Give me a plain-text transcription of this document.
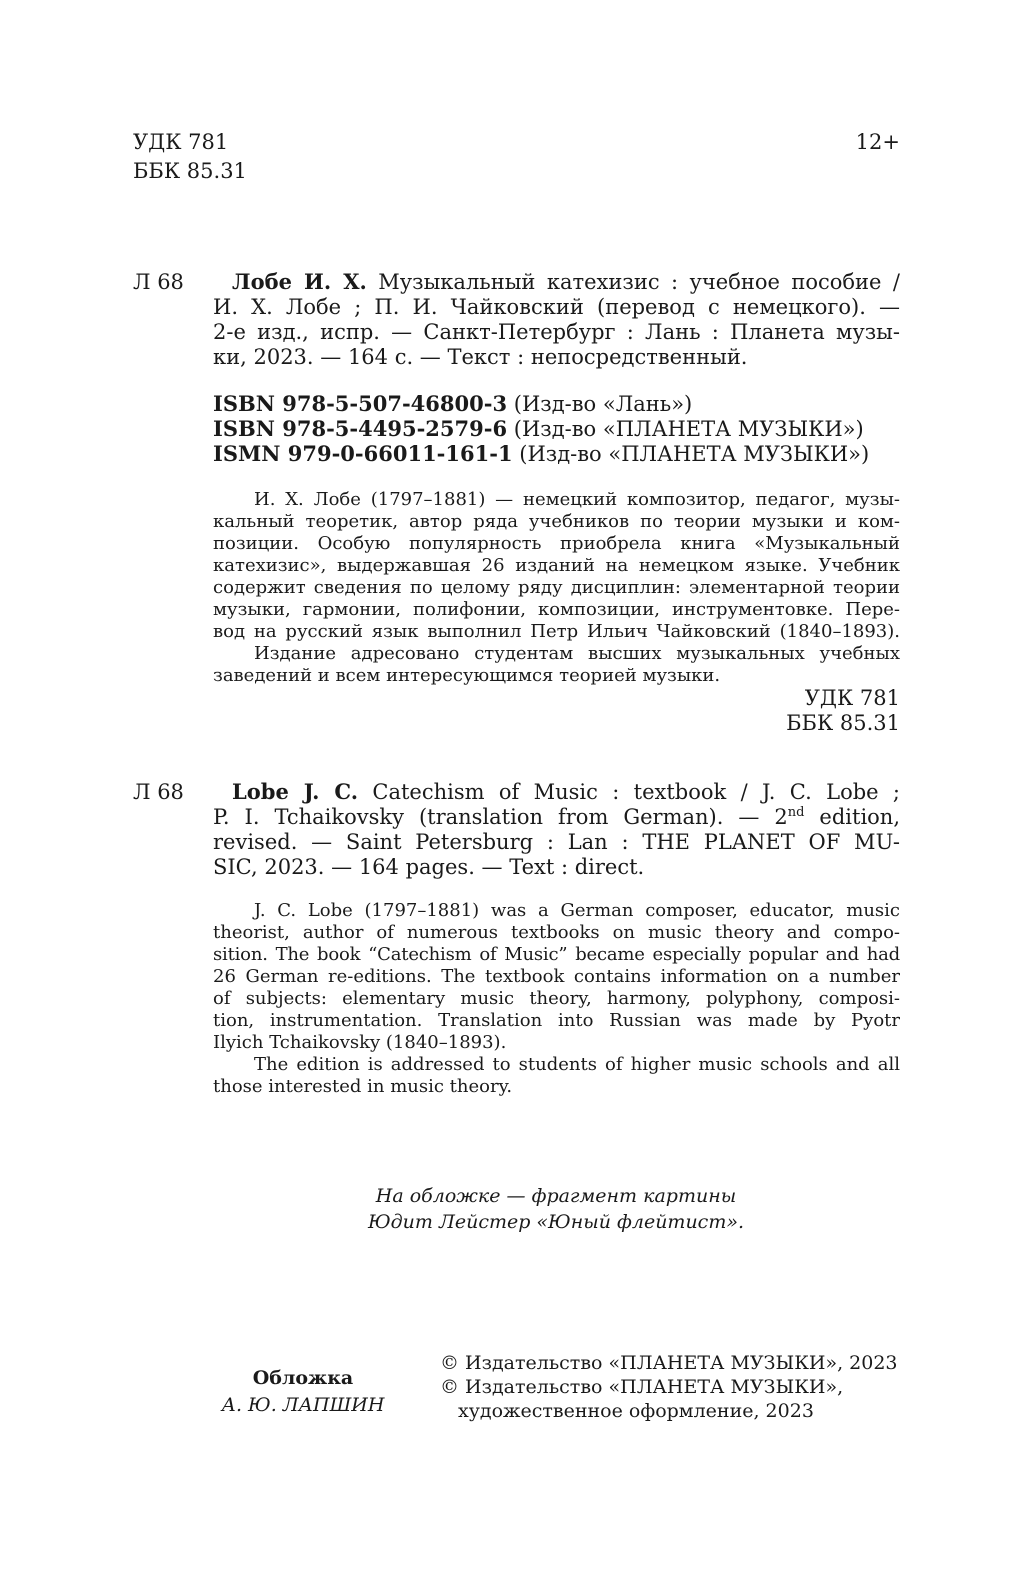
УДК 781
ББК 85.31
12+
Л 68 Лобе И. Х. Музыкальный катехизис : учебное пособие /
И. Х. Лобе ; П. И. Чайковский (перевод с немецкого). —
2-е изд., испр. — Санкт-Петербург : Лань : Планета музы-
ки, 2023. — 164 с. — Текст : непосредственный.
ISBN 978-5-507-46800-3 (Изд-во «Лань»)
ISBN 978-5-4495-2579-6 (Изд-во «ПЛАНЕТА МУЗЫКИ»)
ISMN 979-0-66011-161-1 (Изд-во «ПЛАНЕТА МУЗЫКИ»)
И. Х. Лобе (1797–1881) — немецкий композитор, педагог, музы-
кальный теоретик, автор ряда учебников по теории музыки и ком-
позиции. Особую популярность приобрела книга «Музыкальный
катехизис», выдержавшая 26 изданий на немецком языке. Учебник
содержит сведения по целому ряду дисциплин: элементарной теории
музыки, гармонии, полифонии, композиции, инструментовке. Пере-
вод на русский язык выполнил Петр Ильич Чайковский (1840–1893).
Издание адресовано студентам высших музыкальных учебных
заведений и всем интересующимся теорией музыки.
УДК 781
ББК 85.31
Л 68 Lobe J. C. Catechism of Music : textbook / J. C. Lobe ;
P. I. Tchaikovsky (translation from German). — 2nd edition,
revised. — Saint Petersburg : Lan : THE PLANET OF MU-
SIC, 2023. — 164 pages. — Text : direct.
J. C. Lobe (1797–1881) was a German composer, educator, music
theorist, author of numerous textbooks on music theory and compo-
sition. The book “Catechism of Music” became especially popular and had
26 German re-editions. The textbook contains information on a number
of subjects: elementary music theory, harmony, polyphony, composi-
tion, instrumentation. Translation into Russian was made by Pyotr
Ilyich Tchaikovsky (1840–1893).
The edition is addressed to students of higher music schools and all
those interested in music theory.
На обложке — фрагмент картины
Юдит Лейстер «Юный флейтист».
Обложка
А. Ю. ЛАПШИН
© Издательство «ПЛАНЕТА МУЗЫКИ», 2023
© Издательство «ПЛАНЕТА МУЗЫКИ»,
художественное оформление, 2023
